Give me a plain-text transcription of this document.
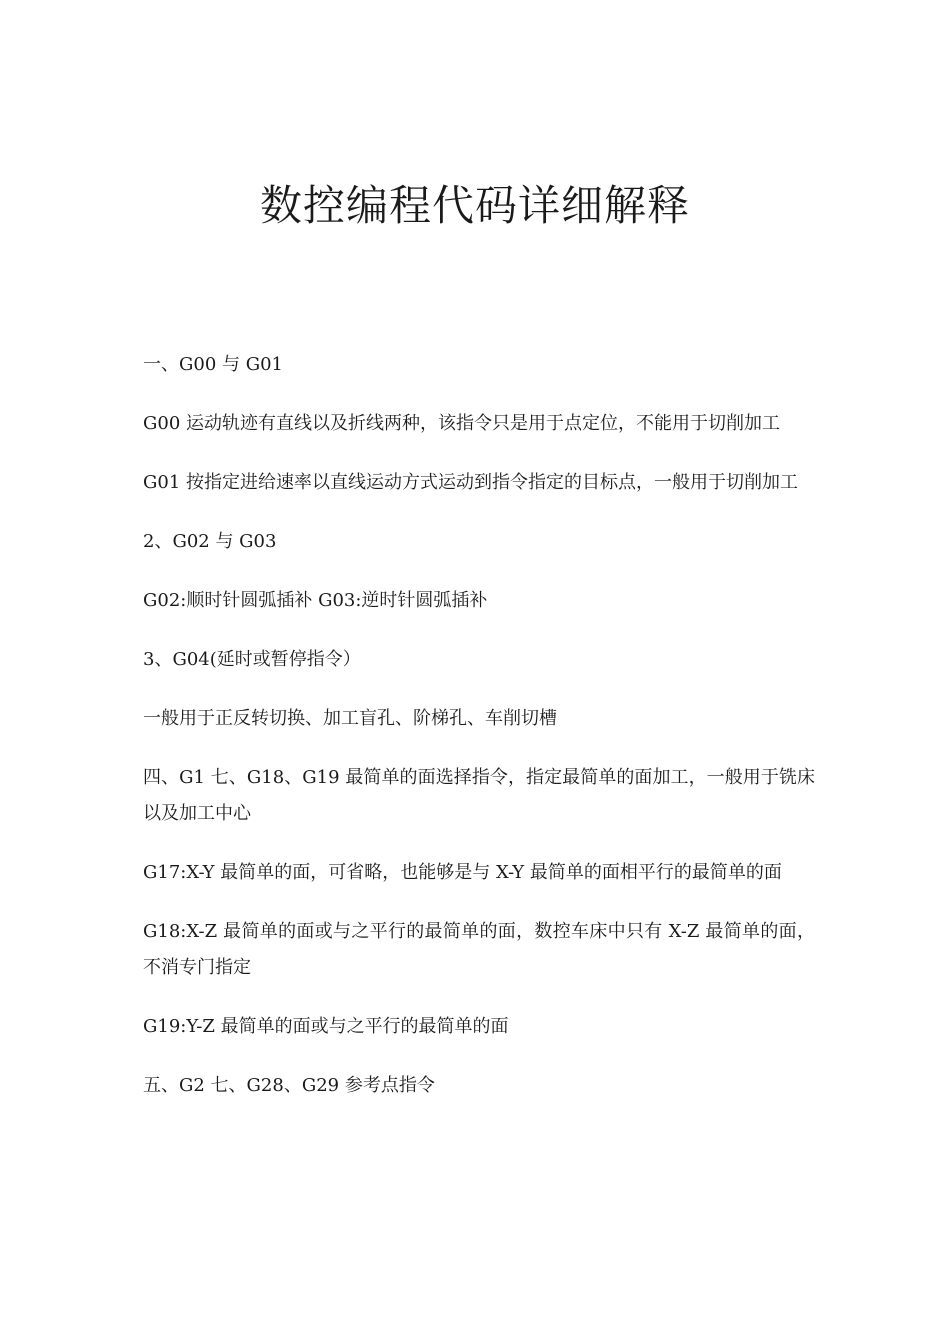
数控编程代码详细解释

一、G00 与 G01

G00 运动轨迹有直线以及折线两种，该指令只是用于点定位，不能用于切削加工

G01 按指定进给速率以直线运动方式运动到指令指定的目标点，一般用于切削加工

2、G02 与 G03

G02:顺时针圆弧插补 G03:逆时针圆弧插补

3、G04(延时或暂停指令）

一般用于正反转切换、加工盲孔、阶梯孔、车削切槽

四、G1 七、G18、G19 最简单的面选择指令，指定最简单的面加工，一般用于铣床以及加工中心

G17:X-Y 最简单的面，可省略，也能够是与 X-Y 最简单的面相平行的最简单的面

G18:X-Z 最简单的面或与之平行的最简单的面，数控车床中只有 X-Z 最简单的面，不消专门指定

G19:Y-Z 最简单的面或与之平行的最简单的面

五、G2 七、G28、G29 参考点指令
